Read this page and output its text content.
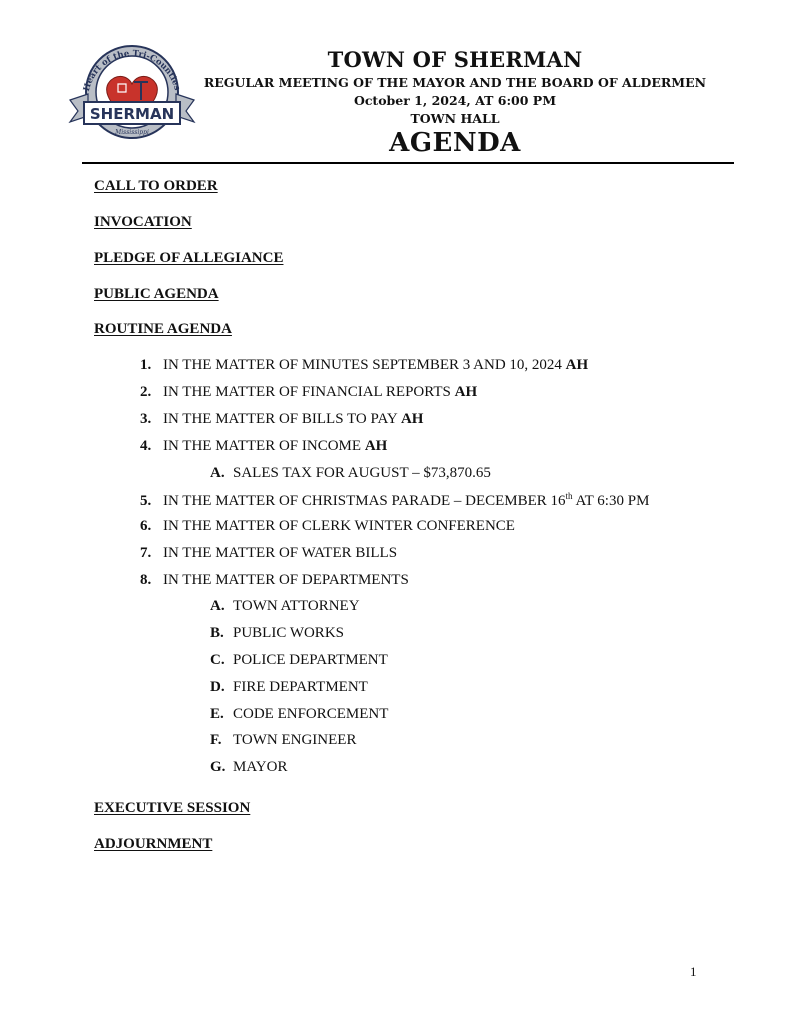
Heart of the Tri-Counties
SHERMAN
Mississippi
TOWN OF SHERMAN
REGULAR MEETING OF THE MAYOR AND THE BOARD OF ALDERMEN
October 1, 2024, AT 6:00 PM
TOWN HALL
AGENDA
CALL TO ORDER
INVOCATION
PLEDGE OF ALLEGIANCE
PUBLIC AGENDA
ROUTINE AGENDA
1. IN THE MATTER OF MINUTES SEPTEMBER 3 AND 10, 2024 AH
2. IN THE MATTER OF FINANCIAL REPORTS AH
3. IN THE MATTER OF BILLS TO PAY AH
4. IN THE MATTER OF INCOME AH
A. SALES TAX FOR AUGUST – $73,870.65
5. IN THE MATTER OF CHRISTMAS PARADE – DECEMBER 16th AT 6:30 PM
6. IN THE MATTER OF CLERK WINTER CONFERENCE
7. IN THE MATTER OF WATER BILLS
8. IN THE MATTER OF DEPARTMENTS
A. TOWN ATTORNEY
B. PUBLIC WORKS
C. POLICE DEPARTMENT
D. FIRE DEPARTMENT
E. CODE ENFORCEMENT
F. TOWN ENGINEER
G. MAYOR
EXECUTIVE SESSION
ADJOURNMENT
1
